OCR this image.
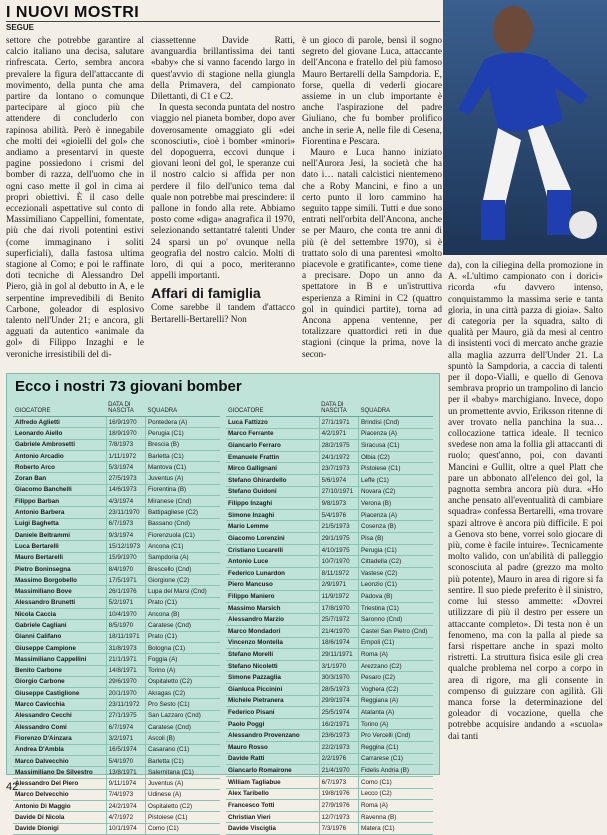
I NUOVI MOSTRI
SEGUE

settore che potrebbe garantire al calcio italiano una decisa, salutare rinfrescata. Certo, sembra ancora prevalere la figura dell'attaccante di movimento, della punta che ama partire da lontano o comunque partecipare al gioco più che attendere di concluderlo con rapinosa abilità. Però è innegabile che molti dei «gioielli del gol» che andiamo a presentarvi in queste pagine possiedono i crismi del bomber di razza, dell'uomo che in ogni caso mette il gol in cima ai propri obiettivi. È il caso delle eccezionali aspettative sul conto di Massimiliano Cappellini, fomentate, più che dai rivoli potentini estivi (come immaginano i soliti superficiali), dalla fastosa ultima stagione al Como; e poi le raffinate doti tecniche di Alessandro Del Piero, già in gol al debutto in A, e le serpentine imprevedibili di Benito Carbone, goleador di esplosivo talento nell'Under 21; e ancora, gli agguati da autentico «animale da gol» di Filippo Inzaghi e le veroniche irresistibili del di-

ciassettenne Davide Ratti, avanguardia brillantissima dei tanti «baby» che si vanno facendo largo in quest'avvio di stagione nella giungla della Primavera, del campionato Dilettanti, di C1 e C2.

In questa seconda puntata del nostro viaggio nel pianeta bomber, dopo aver doverosamente omaggiato gli «dei sconosciuti», cioè i bomber «minori» del dopoguerra, eccovi dunque i giovani leoni del gol, le speranze cui il nostro calcio si affida per non perdere il filo dell'unico tema dal quale non potrebbe mai prescindere: il pallone in fondo alla rete. Abbiamo posto come «diga» anagrafica il 1970, selezionando settantatré talenti Under 24 sparsi un po' ovunque nella geografia del nostro calcio. Molti di loro, di qui a poco, meriteranno appelli importanti.

Affari di famiglia

Come sarebbe il tandem d'attacco Bertarelli-Bertarelli? Non

è un gioco di parole, bensì il sogno segreto del giovane Luca, attaccante dell'Ancona e fratello del più famoso Mauro Bertarelli della Sampdoria. E, forse, quella di vederli giocare assieme in un club importante è anche l'aspirazione del padre Giuliano, che fu bomber prolifico anche in serie A, nelle file di Cesena, Fiorentina e Pescara.

Mauro e Luca hanno iniziato nell'Aurora Jesi, la società che ha dato i… natali calcistici nientemeno che a Roby Mancini, e fino a un certo punto il loro cammino ha seguito tappe simili. Tutti e due sono entrati nell'orbita dell'Ancona, anche se per Mauro, che conta tre anni di più (è del settembre 1970), si è trattato solo di una parentesi «molto piacevole e gratificante», come tiene a precisare. Dopo un anno da spettatore in B e un'istruttiva esperienza a Rimini in C2 (quattro gol in quindici partite), torna ad Ancona appena ventenne, per totalizzare quattordici reti in due stagioni (cinque la prima, nove la secon-

da), con la ciliegina della promozione in A. «L'ultimo campionato con i dorici» ricorda «fu davvero intenso, conquistammo la massima serie e tanta gloria, in una città pazza di gioia». Salto di categoria per la squadra, salto di qualità per Mauro, già da mesi al centro di insistenti voci di mercato anche grazie alla maglia azzurra dell'Under 21. La spuntò la Sampdoria, a caccia di talenti per il dopo-Vialli, e quello di Genova sembrava proprio un trampolino di lancio per il «baby» marchigiano. Invece, dopo un promettente avvio, Eriksson ritenne di aver trovato nella panchina la sua… collocazione tattica ideale. Il tecnico svedese non ama la follia gli attaccanti di ruolo; quest'anno, poi, con davanti Mancini e Gullit, oltre a quel Platt che pare un abbonato all'elenco dei gol, la pagnotta sembra ancora più dura. «Ho anche pensato all'eventualità di cambiare squadra» confessa Bertarelli, «ma trovare spazi altrove è ancora più difficile. E poi a Genova sto bene, vorrei solo giocare di più, come è facile intuire». Tecnicamente molto valido, con un'abilità di palleggio sconosciuta al padre (grezzo ma molto più potente), Mauro in area di rigore si fa sentire. Il suo piede preferito è il sinistro, come lui stesso ammette: «Dovrei utilizzare di più il destro per essere un attaccante completo». Di testa non è un fenomeno, ma con la palla al piede sa farsi rispettare anche in spazi molto ristretti. La struttura fisica esile gli crea qualche problema nel corpo a corpo in area di rigore, ma gli consente in compenso di guizzare con agilità. Gli manca forse la determinazione del goleador di vocazione, quella che potrebbe acquisire andando a «scuola» dai tanti

Ecco i nostri 73 giovani bomber
GIOCATORE	DATA DI NASCITA	SQUADRA
Alfredo Aglietti	16/9/1970	Pontedera (A)
Leonardo Aiello	18/9/1970	Perugia (C1)
Gabriele Ambrosetti	7/8/1973	Brescia (B)
Antonio Arcadio	1/11/1972	Barletta (C1)
Roberto Arco	5/3/1974	Mantova (C1)
Zoran Ban	27/5/1973	Juventus (A)
Giacomo Banchelli	14/6/1973	Fiorentina (B)
Filippo Barban	4/3/1974	Miranese (Cnd)
Antonio Barbera	23/11/1970	Battipagliese (C2)
Luigi Baghetta	6/7/1973	Bassano (Cnd)
Daniele Beltrammi	9/3/1974	Fiorenzuola (C1)
Luca Bertarelli	15/12/1973	Ancona (C1)
Mauro Bertarelli	15/9/1970	Sampdoria (A)
Pietro Boninsegna	8/4/1970	Brescello (Cnd)
Massimo Borgobello	17/5/1971	Giorgione (C2)
Massimiliano Bove	26/1/1976	Lupa del Marsi (Cnd)
Alessandro Brunetti	5/2/1971	Prato (C1)
Nicola Caccia	10/4/1970	Ancona (B)
Gabriele Cagliani	8/5/1970	Caratese (Cnd)
Gianni Califano	18/11/1971	Prato (C1)
Giuseppe Campione	31/8/1973	Bologna (C1)
Massimiliano Cappellini	21/1/1971	Foggia (A)
Benito Carbone	14/8/1971	Torino (A)
Giorgio Carbone	29/6/1970	Ospitaletto (C2)
Giuseppe Castiglione	20/1/1970	Akragas (C2)
Marco Cavicchia	23/11/1972	Pro Sesto (C1)
Alessandro Cecchi	27/1/1975	San Lazzaro (Cnd)
Alessandro Comi	6/7/1974	Caratese (Cnd)
Fiorenzo D'Ainzara	3/2/1971	Ascoli (B)
Andrea D'Ambla	16/5/1974	Casarano (C1)
Marco Dalvecchio	5/4/1970	Barletta (C1)
Massimiliano De Silvestro	13/8/1971	Salernitana (C1)
Alessandro Del Piero	9/11/1974	Juventus (A)
Marco Delvecchio	7/4/1973	Udinese (A)
Antonio Di Maggio	24/2/1974	Ospitaletto (C2)
Davide Di Nicola	4/7/1972	Pistoiese (C1)
Davide Dionigi	10/1/1974	Como (C1)
GIOCATORE	DATA DI NASCITA	SQUADRA
Luca Fattizzo	27/1/1971	Brindisi (Cnd)
Marco Ferrante	4/2/1971	Piacenza (A)
Giancarlo Ferraro	28/2/1975	Siracusa (C1)
Emanuele Frattin	24/1/1972	Olbia (C2)
Mirco Gallignani	23/7/1973	Pistoiese (C1)
Stefano Ghirardello	5/6/1974	Leffe (C1)
Stefano Guidoni	27/10/1971	Novara (C2)
Filippo Inzaghi	9/8/1973	Verona (B)
Simone Inzaghi	5/4/1976	Piacenza (A)
Mario Lemme	21/5/1973	Cosenza (B)
Giacomo Lorenzini	29/1/1975	Pisa (B)
Cristiano Lucarelli	4/10/1975	Perugia (C1)
Antonio Luce	10/7/1970	Cittadella (C2)
Federico Lunardon	8/11/1972	Vastese (C2)
Piero Mancuso	2/9/1971	Leonzio (C1)
Filippo Maniero	11/9/1972	Padova (B)
Massimo Marsich	17/8/1970	Triestina (C1)
Alessandro Marzio	25/7/1972	Saronno (Cnd)
Marco Mondadori	21/4/1970	Castel San Pietro (Cnd)
Vincenzo Montella	18/6/1974	Empoli (C1)
Stefano Morelli	29/11/1971	Roma (A)
Stefano Nicoletti	3/1/1970	Arezzano (C2)
Simone Pazzaglia	30/3/1970	Pesaro (C2)
Gianluca Piccinini	28/5/1973	Voghera (C2)
Michele Pietranera	29/9/1974	Reggiana (A)
Federico Pisani	25/5/1974	Atalanta (A)
Paolo Poggi	16/2/1971	Torino (A)
Alessandro Provenzano	23/6/1973	Pro Vercelli (Cnd)
Mauro Rosso	22/2/1973	Reggina (C1)
Davide Ratti	2/2/1976	Carrarese (C1)
Giancarlo Romairone	21/4/1970	Fidelis Andria (B)
William Tagliabue	6/7/1973	Como (C1)
Alex Taribello	19/8/1976	Lecco (C2)
Francesco Totti	27/9/1976	Roma (A)
Christian Vieri	12/7/1973	Ravenna (B)
Davide Visciglia	7/3/1976	Matera (C1)
42
